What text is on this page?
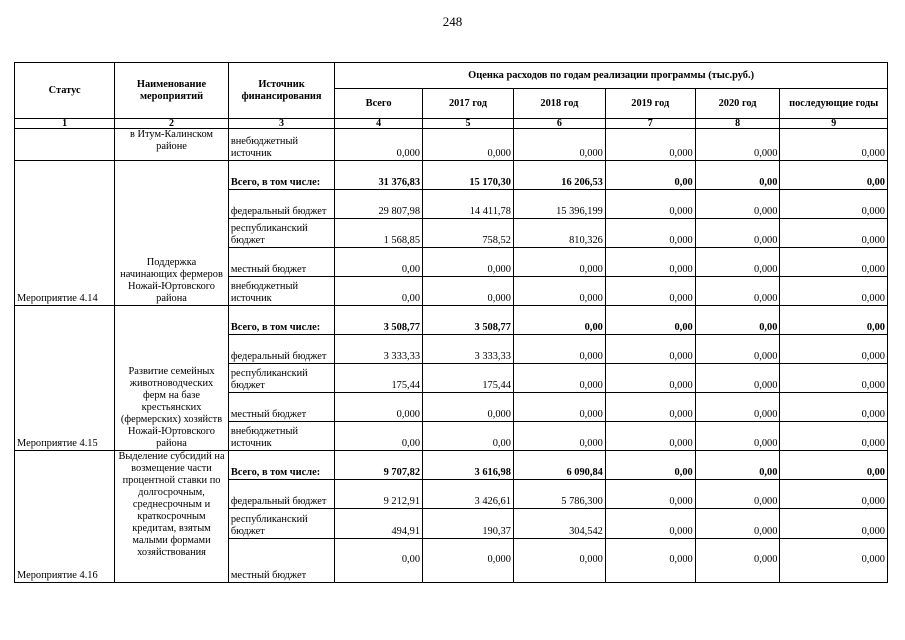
248
Статус	Наименование мероприятий	Источник финансирования	Оценка расходов по годам реализации программы (тыс.руб.)					
			Всего	2017 год	2018 год	2019 год	2020 год	последующие годы
1	2	3	4	5	6	7	8	9
	в Итум-Калинском районе	внебюджетный источник	0,000	0,000	0,000	0,000	0,000	0,000
Мероприятие 4.14	Поддержка начинающих фермеров Ножай-Юртовского района	Всего, в том числе:	31 376,83	15 170,30	16 206,53	0,00	0,00	0,00
		федеральный бюджет	29 807,98	14 411,78	15 396,199	0,000	0,000	0,000
		республиканский бюджет	1 568,85	758,52	810,326	0,000	0,000	0,000
		местный бюджет	0,00	0,000	0,000	0,000	0,000	0,000
		внебюджетный источник	0,00	0,000	0,000	0,000	0,000	0,000
Мероприятие 4.15	Развитие семейных животноводческих ферм на базе крестьянских (фермерских) хозяйств Ножай-Юртовского района	Всего, в том числе:	3 508,77	3 508,77	0,00	0,00	0,00	0,00
		федеральный бюджет	3 333,33	3 333,33	0,000	0,000	0,000	0,000
		республиканский бюджет	175,44	175,44	0,000	0,000	0,000	0,000
		местный бюджет	0,000	0,000	0,000	0,000	0,000	0,000
		внебюджетный источник	0,00	0,00	0,000	0,000	0,000	0,000
Мероприятие 4.16	Выделение субсидий на возмещение части процентной ставки по долгосрочным, среднесрочным и краткосрочным кредитам, взятым малыми формами хозяйствования	Всего, в том числе:	9 707,82	3 616,98	6 090,84	0,00	0,00	0,00
		федеральный бюджет	9 212,91	3 426,61	5 786,300	0,000	0,000	0,000
		республиканский бюджет	494,91	190,37	304,542	0,000	0,000	0,000
		местный бюджет	0,00	0,000	0,000	0,000	0,000	0,000
